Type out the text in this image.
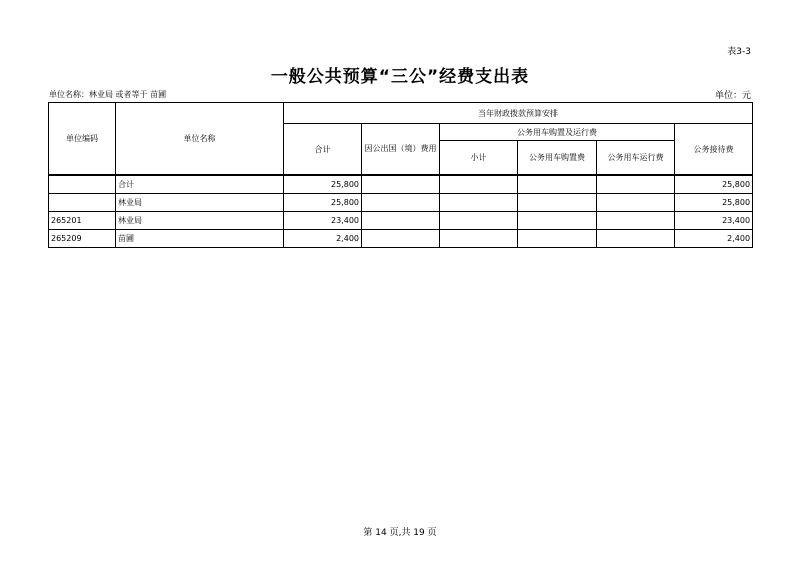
表3-3
一般公共预算“三公”经费支出表
单位名称：林业局 或者等于 苗圃	单位：元
单位编码	单位名称	当年财政拨款预算安排					
		合计	因公出国（境）费用	公务用车购置及运行费			公务接待费
				小计	公务用车购置费	公务用车运行费	
	合计	25,800					25,800
	林业局	25,800					25,800
265201	林业局	23,400					23,400
265209	苗圃	2,400					2,400
第 14 页,共 19 页
